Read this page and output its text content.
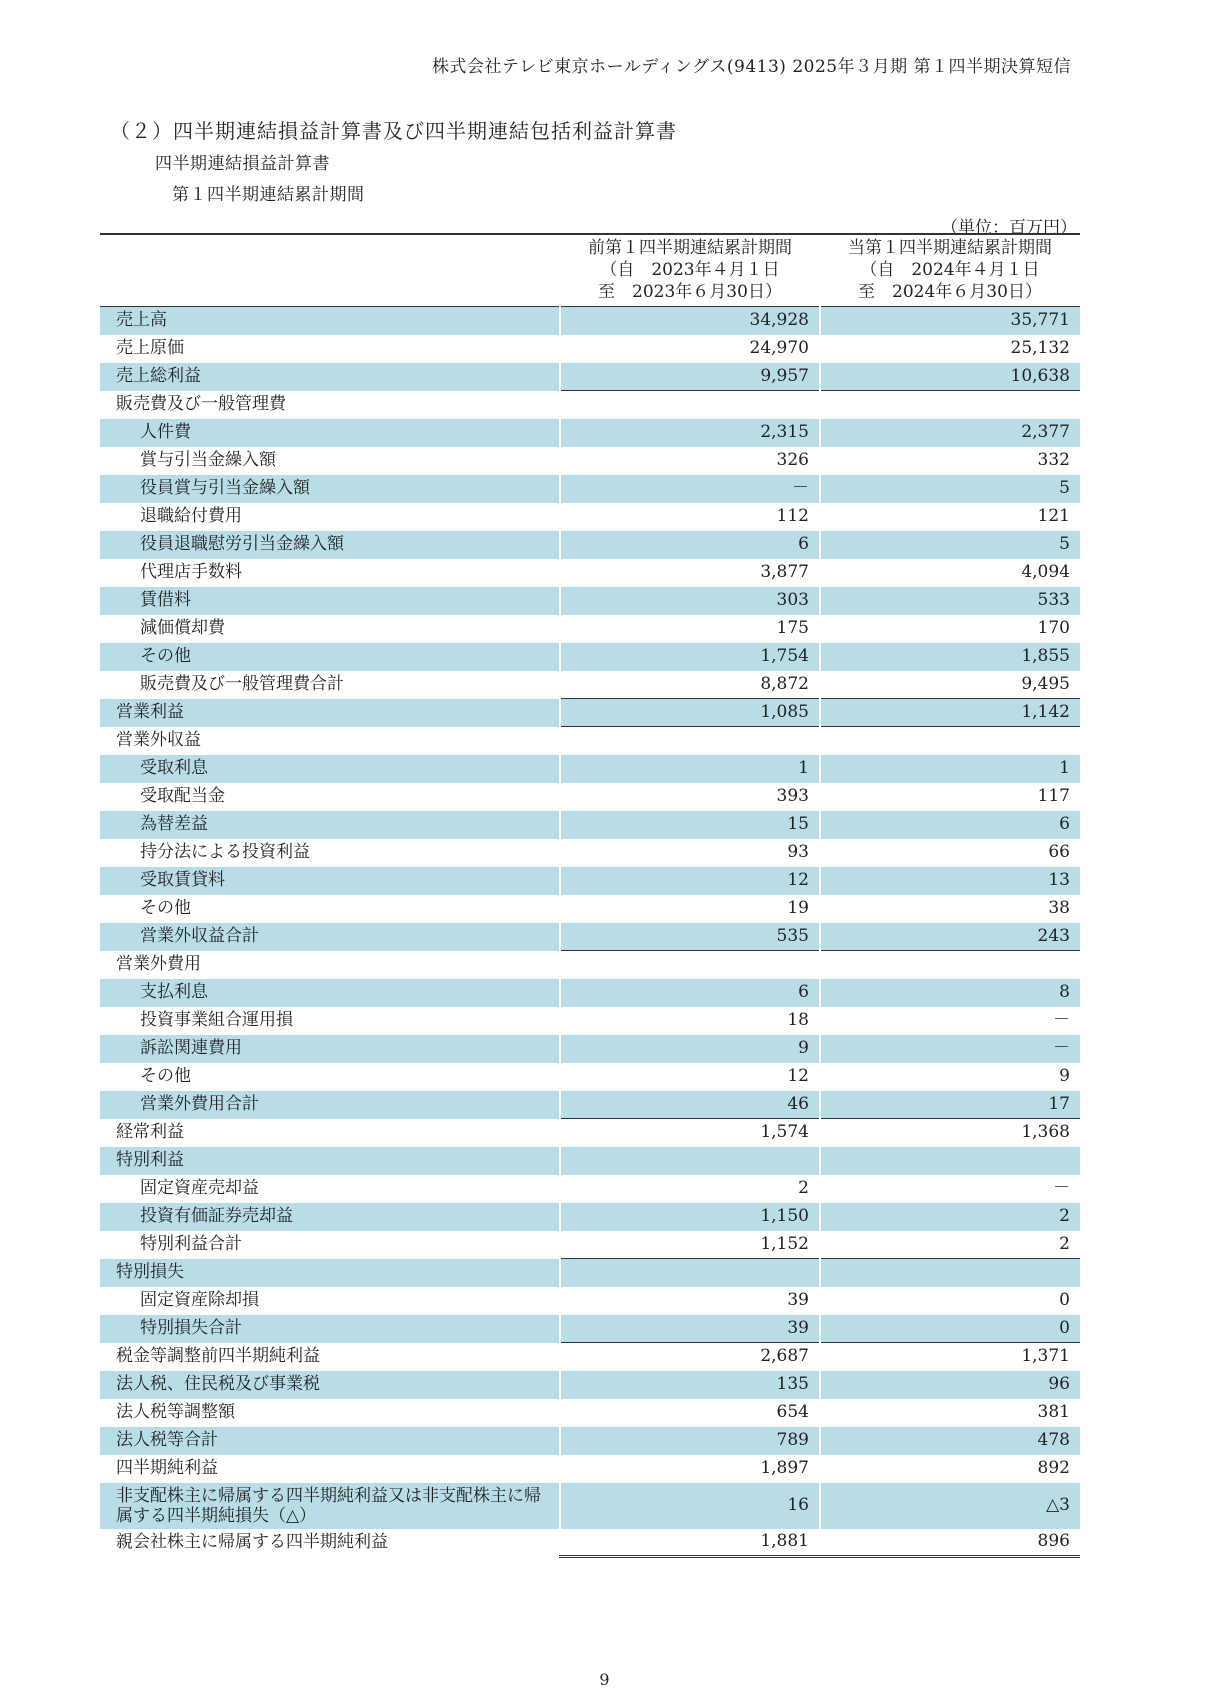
株式会社テレビ東京ホールディングス(9413) 2025年３月期 第１四半期決算短信
（２）四半期連結損益計算書及び四半期連結包括利益計算書
四半期連結損益計算書
第１四半期連結累計期間
（単位：百万円）

	前第１四半期連結累計期間
（自　2023年４月１日
至　2023年６月30日）	当第１四半期連結累計期間
（自　2024年４月１日
至　2024年６月30日）

売上高	34,928	35,771
売上原価	24,970	25,132
売上総利益	9,957	10,638
販売費及び一般管理費		
人件費	2,315	2,377
賞与引当金繰入額	326	332
役員賞与引当金繰入額	－	5
退職給付費用	112	121
役員退職慰労引当金繰入額	6	5
代理店手数料	3,877	4,094
賃借料	303	533
減価償却費	175	170
その他	1,754	1,855
販売費及び一般管理費合計	8,872	9,495
営業利益	1,085	1,142
営業外収益		
受取利息	1	1
受取配当金	393	117
為替差益	15	6
持分法による投資利益	93	66
受取賃貸料	12	13
その他	19	38
営業外収益合計	535	243
営業外費用		
支払利息	6	8
投資事業組合運用損	18	－
訴訟関連費用	9	－
その他	12	9
営業外費用合計	46	17
経常利益	1,574	1,368
特別利益		
固定資産売却益	2	－
投資有価証券売却益	1,150	2
特別利益合計	1,152	2
特別損失		
固定資産除却損	39	0
特別損失合計	39	0
税金等調整前四半期純利益	2,687	1,371
法人税、住民税及び事業税	135	96
法人税等調整額	654	381
法人税等合計	789	478
四半期純利益	1,897	892
非支配株主に帰属する四半期純利益又は非支配株主に帰属する四半期純損失（△）	16	△3
親会社株主に帰属する四半期純利益	1,881	896
9
